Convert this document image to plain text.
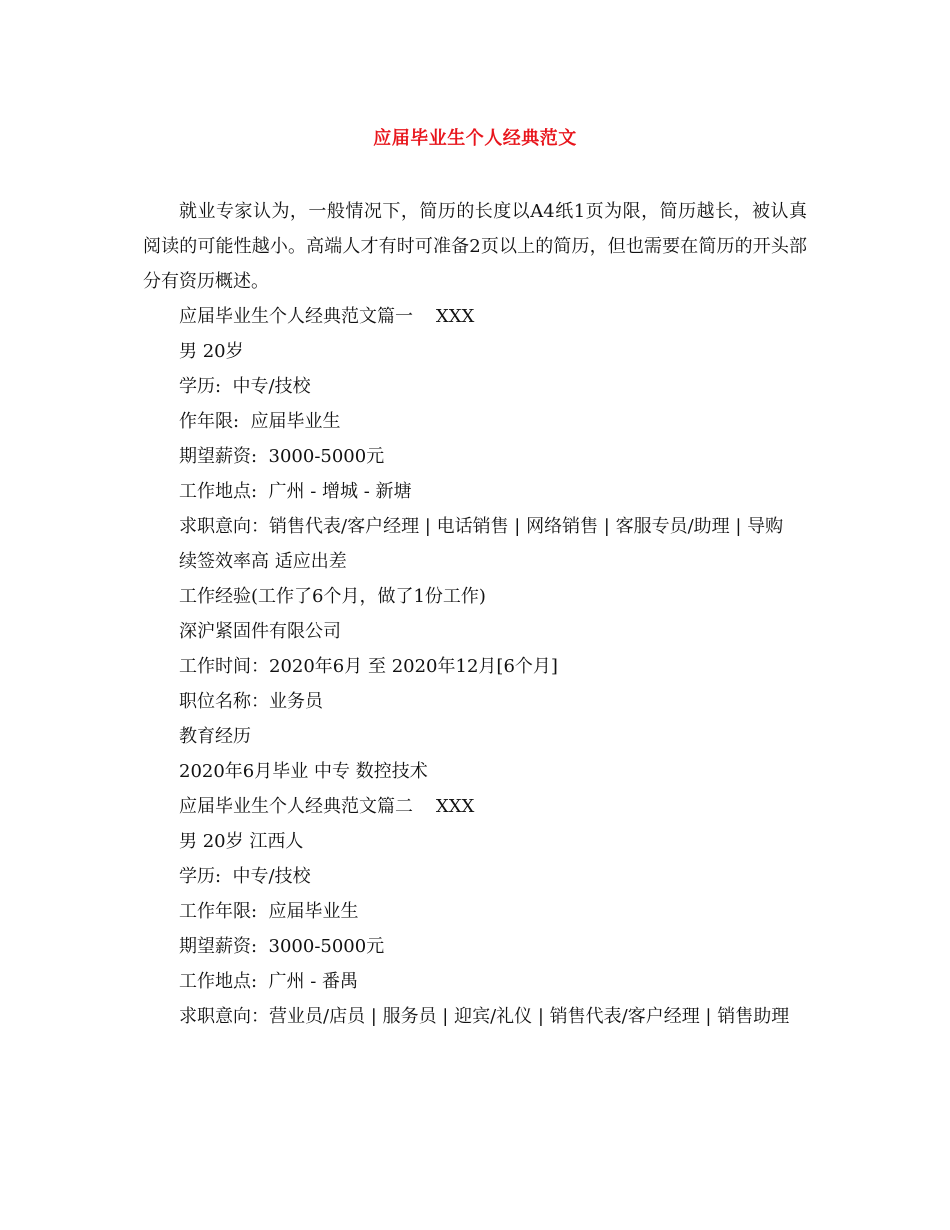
应届毕业生个人经典范文

就业专家认为，一般情况下，简历的长度以A4纸1页为限，简历越长，被认真阅读的可能性越小。高端人才有时可准备2页以上的简历，但也需要在简历的开头部分有资历概述。

应届毕业生个人经典范文篇一    XXX

男 20岁

学历:  中专/技校

作年限:  应届毕业生

期望薪资:  3000-5000元

工作地点:  广州 - 增城 - 新塘

求职意向：销售代表/客户经理 | 电话销售 | 网络销售 | 客服专员/助理 | 导购

续签效率高 适应出差

工作经验(工作了6个月，做了1份工作)

深沪紧固件有限公司

工作时间：2020年6月 至 2020年12月[6个月]

职位名称：业务员

教育经历

2020年6月毕业 中专 数控技术

应届毕业生个人经典范文篇二    XXX

男 20岁 江西人

学历:  中专/技校

工作年限:  应届毕业生

期望薪资:  3000-5000元

工作地点:  广州 - 番禺

求职意向：营业员/店员 | 服务员 | 迎宾/礼仪 | 销售代表/客户经理 | 销售助理
